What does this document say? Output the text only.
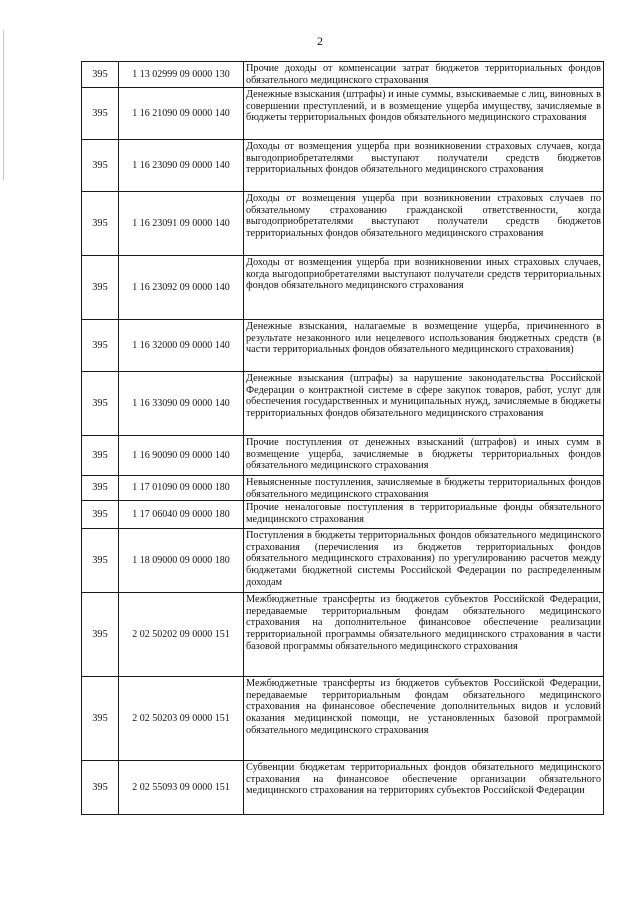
2
395	1 13 02999 09 0000 130	Прочие доходы от компенсации затрат бюджетов территориальных фондов обязательного медицинского страхования
395	1 16 21090 09 0000 140	Денежные взыскания (штрафы) и иные суммы, взыскиваемые с лиц, виновных в совершении преступлений, и в возмещение ущерба имуществу, зачисляемые в бюджеты территориальных фондов обязательного медицинского страхования
395	1 16 23090 09 0000 140	Доходы от возмещения ущерба при возникновении страховых случаев, когда выгодоприобретателями выступают получатели средств бюджетов территориальных фондов обязательного медицинского страхования
395	1 16 23091 09 0000 140	Доходы от возмещения ущерба при возникновении страховых случаев по обязательному страхованию гражданской ответственности, когда выгодоприобретателями выступают получатели средств бюджетов территориальных фондов обязательного медицинского страхования
395	1 16 23092 09 0000 140	Доходы от возмещения ущерба при возникновении иных страховых случаев, когда выгодоприобретателями выступают получатели средств территориальных фондов обязательного медицинского страхования
395	1 16 32000 09 0000 140	Денежные взыскания, налагаемые в возмещение ущерба, причиненного в результате незаконного или нецелевого использования бюджетных средств (в части территориальных фондов обязательного медицинского страхования)
395	1 16 33090 09 0000 140	Денежные взыскания (штрафы) за нарушение законодательства Российской Федерации о контрактной системе в сфере закупок товаров, работ, услуг для обеспечения государственных и муниципальных нужд, зачисляемые в бюджеты территориальных фондов обязательного медицинского страхования
395	1 16 90090 09 0000 140	Прочие поступления от денежных взысканий (штрафов) и иных сумм в возмещение ущерба, зачисляемые в бюджеты территориальных фондов обязательного медицинского страхования
395	1 17 01090 09 0000 180	Невыясненные поступления, зачисляемые в бюджеты территориальных фондов обязательного медицинского страхования
395	1 17 06040 09 0000 180	Прочие неналоговые поступления в территориальные фонды обязательного медицинского страхования
395	1 18 09000 09 0000 180	Поступления в бюджеты территориальных фондов обязательного медицинского страхования (перечисления из бюджетов территориальных фондов обязательного медицинского страхования) по урегулированию расчетов между бюджетами бюджетной системы Российской Федерации по распределенным доходам
395	2 02 50202 09 0000 151	Межбюджетные трансферты из бюджетов субъектов Российской Федерации, передаваемые территориальным фондам обязательного медицинского страхования на дополнительное финансовое обеспечение реализации территориальной программы обязательного медицинского страхования в части базовой программы обязательного медицинского страхования
395	2 02 50203 09 0000 151	Межбюджетные трансферты из бюджетов субъектов Российской Федерации, передаваемые территориальным фондам обязательного медицинского страхования на финансовое обеспечение дополнительных видов и условий оказания медицинской помощи, не установленных базовой программой обязательного медицинского страхования
395	2 02 55093 09 0000 151	Субвенции бюджетам территориальных фондов обязательного медицинского страхования на финансовое обеспечение организации обязательного медицинского страхования на территориях субъектов Российской Федерации
